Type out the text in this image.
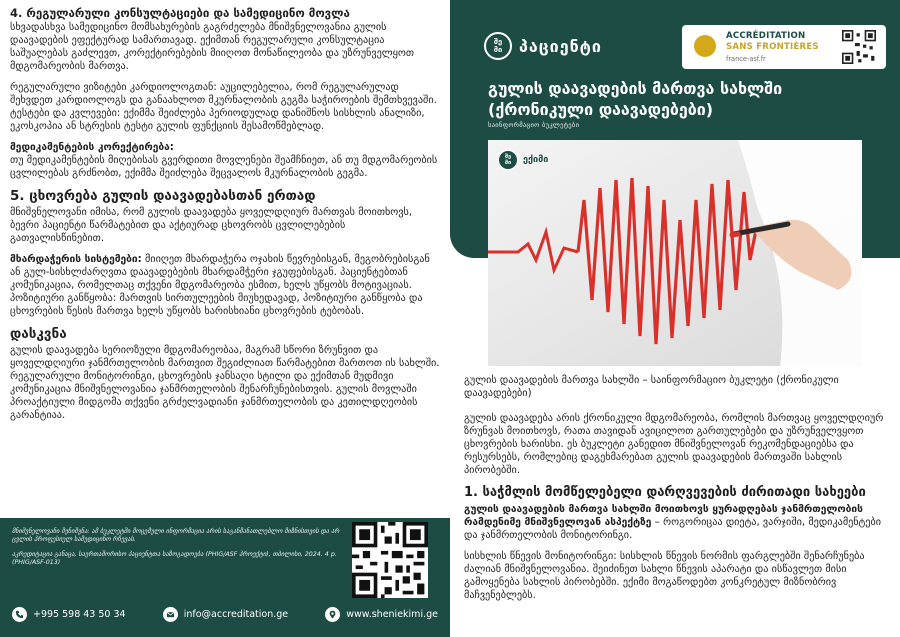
4. რეგულარული კონსულტაციები და სამედიცინო მოვლა

სხვადასხვა სამედიცინო მომსახურების გაგრძელება მნიშვნელოვანია გულის დაავადების ეფექტურად სამართავად. ექიმთან რეგულარული კონსულტაცია საშუალებას გაძლევთ, კორექტირებების მიიღოთ მონაწილეობა და უზრუნველყოთ მდგომარეობის მართვა.

რეგულარული ვიზიტები კარდიოლოგთან: აუცილებელია, რომ რეგულარულად შეხვდეთ კარდიოლოგს და განაახლოთ მკურნალობის გეგმა საჭიროების შემთხვევაში. ტესტები და კვლევები: ექიმმა შეიძლება პერიოდულად დანიშნოს სისხლის ანალიზი, ეკოსკოპია ან სტრესის ტესტი გულის ფუნქციის შესამოწმებლად.

მედიკამენტების კორექტირება:

თუ მედიკამენტების მიღებისას გვერდითი მოვლენები შეამჩნიეთ, ან თუ მდგომარეობის ცვლილებას გრძნობთ, ექიმმა შეიძლება შეცვალოს მკურნალობის გეგმა.

5. ცხოვრება გულის დაავადებასთან ერთად

მნიშვნელოვანი იმისა, რომ გულის დაავადება ყოველდღიურ მართვას მოითხოვს, ბევრი პაციენტი წარმატებით და აქტიურად ცხოვრობს ცვლილებების გათვალისწინებით.

მხარდაჭერის სისტემები: მიიღეთ მხარდაჭერა ოჯახის წევრებისგან, მეგობრებისგან ან გულ-სისხლძარღვთა დაავადებების მხარდამჭერი ჯგუფებისგან. პაციენტებთან კომუნიკაცია, რომელთაც თქვენი მდგომარეობა ესმით, ხელს უწყობს მოტივაციას. პოზიტიური განწყობა: მართვის სირთულეების მიუხედავად, პოზიტიური განწყობა და ცხოვრების წესის მართვა ხელს უწყობს ხარისხიანი ცხოვრების ტებობას.

დასკვნა

გულის დაავადება სერიოზული მდგომარეობაა, მაგრამ სწორი ზრუნვით და ყოველდღიური ჯანმრთელობის მართვით შეგიძლიათ წარმატებით მართოთ ის სახლში. რეგულარული მონიტორინგი, ცხოვრების ჯანსაღი სტილი და ექიმთან მუდმივი კომუნიკაცია მნიშვნელოვანია ჯანმრთელობის შენარჩუნებისთვის. გულის მოვლაში პროაქტიული მიდგომა თქვენი გრძელვადიანი ჯანმრთელობის და კეთილდღეობის გარანტიაა.

მნიშვნელოვანი შენიშვნა: ამ ბუკლეტში მოცემული ინფორმაცია არის საგანმანათლებლო მიზნისთვის და არ ცვლის პროფესიულ სამედიცინო რჩევას.

აკრედიტაცია განაცა, საერთაშორისო პაციენტთა საზოგადოება (PHIG/ASF პროექტი), თბილისი, 2024. 4 p. (PHIG/ASF-013)

+995 598 43 50 34	info@accreditation.ge	www.sheniekimi.ge
შე
მი	პაციენტი
ACCRÉDITATION
SANS FRONTIÈRES
france-asf.fr
გულის დაავადების მართვა სახლში (ქრონიკული დაავადებები)
საინფორმაციო ბუკლეტები
შე
მი	ექიმი

გულის დაავადების მართვა სახლში – საინფორმაციო ბუკლეტი (ქრონიკული დაავადებები)

გულის დაავადება არის ქრონიკული მდგომარეობა, რომლის მართვაც ყოველდღიურ ზრუნვას მოითხოვს, რათა თავიდან ავიცილოთ გართულებები და უზრუნველვყოთ ცხოვრების ხარისხი. ეს ბუკლეტი განედით მნიშვნელოვან რეკომენდაციებსა და რესურსებს, რომლებიც დაგეხმარებათ გულის დაავადების მართვაში სახლის პირობებში.

1. საჭმლის მომწელებელი დარღვევების ძირითადი სახეები

გულის დაავადების მართვა სახლში მოითხოვს ყურადღებას ჯანმრთელობის რამდენიმე მნიშვნელოვან ასპექტზე – როგორიცაა დიეტა, ვარჯიში, მედიკამენტები და ჯანმრთელობის მონიტორინგი.

სისხლის წნევის მონიტორინგი: სისხლის წნევის ნორმის ფარგლებში შენარჩუნება ძალიან მნიშვნელოვანია. შეიძინეთ სახლი წნევის აპარატი და ისწავლეთ მისი გამოყენება სახლის პირობებში. ექიმი მოგაწოდებთ კონკრეტულ მიზნობრივ მაჩვენებლებს.
